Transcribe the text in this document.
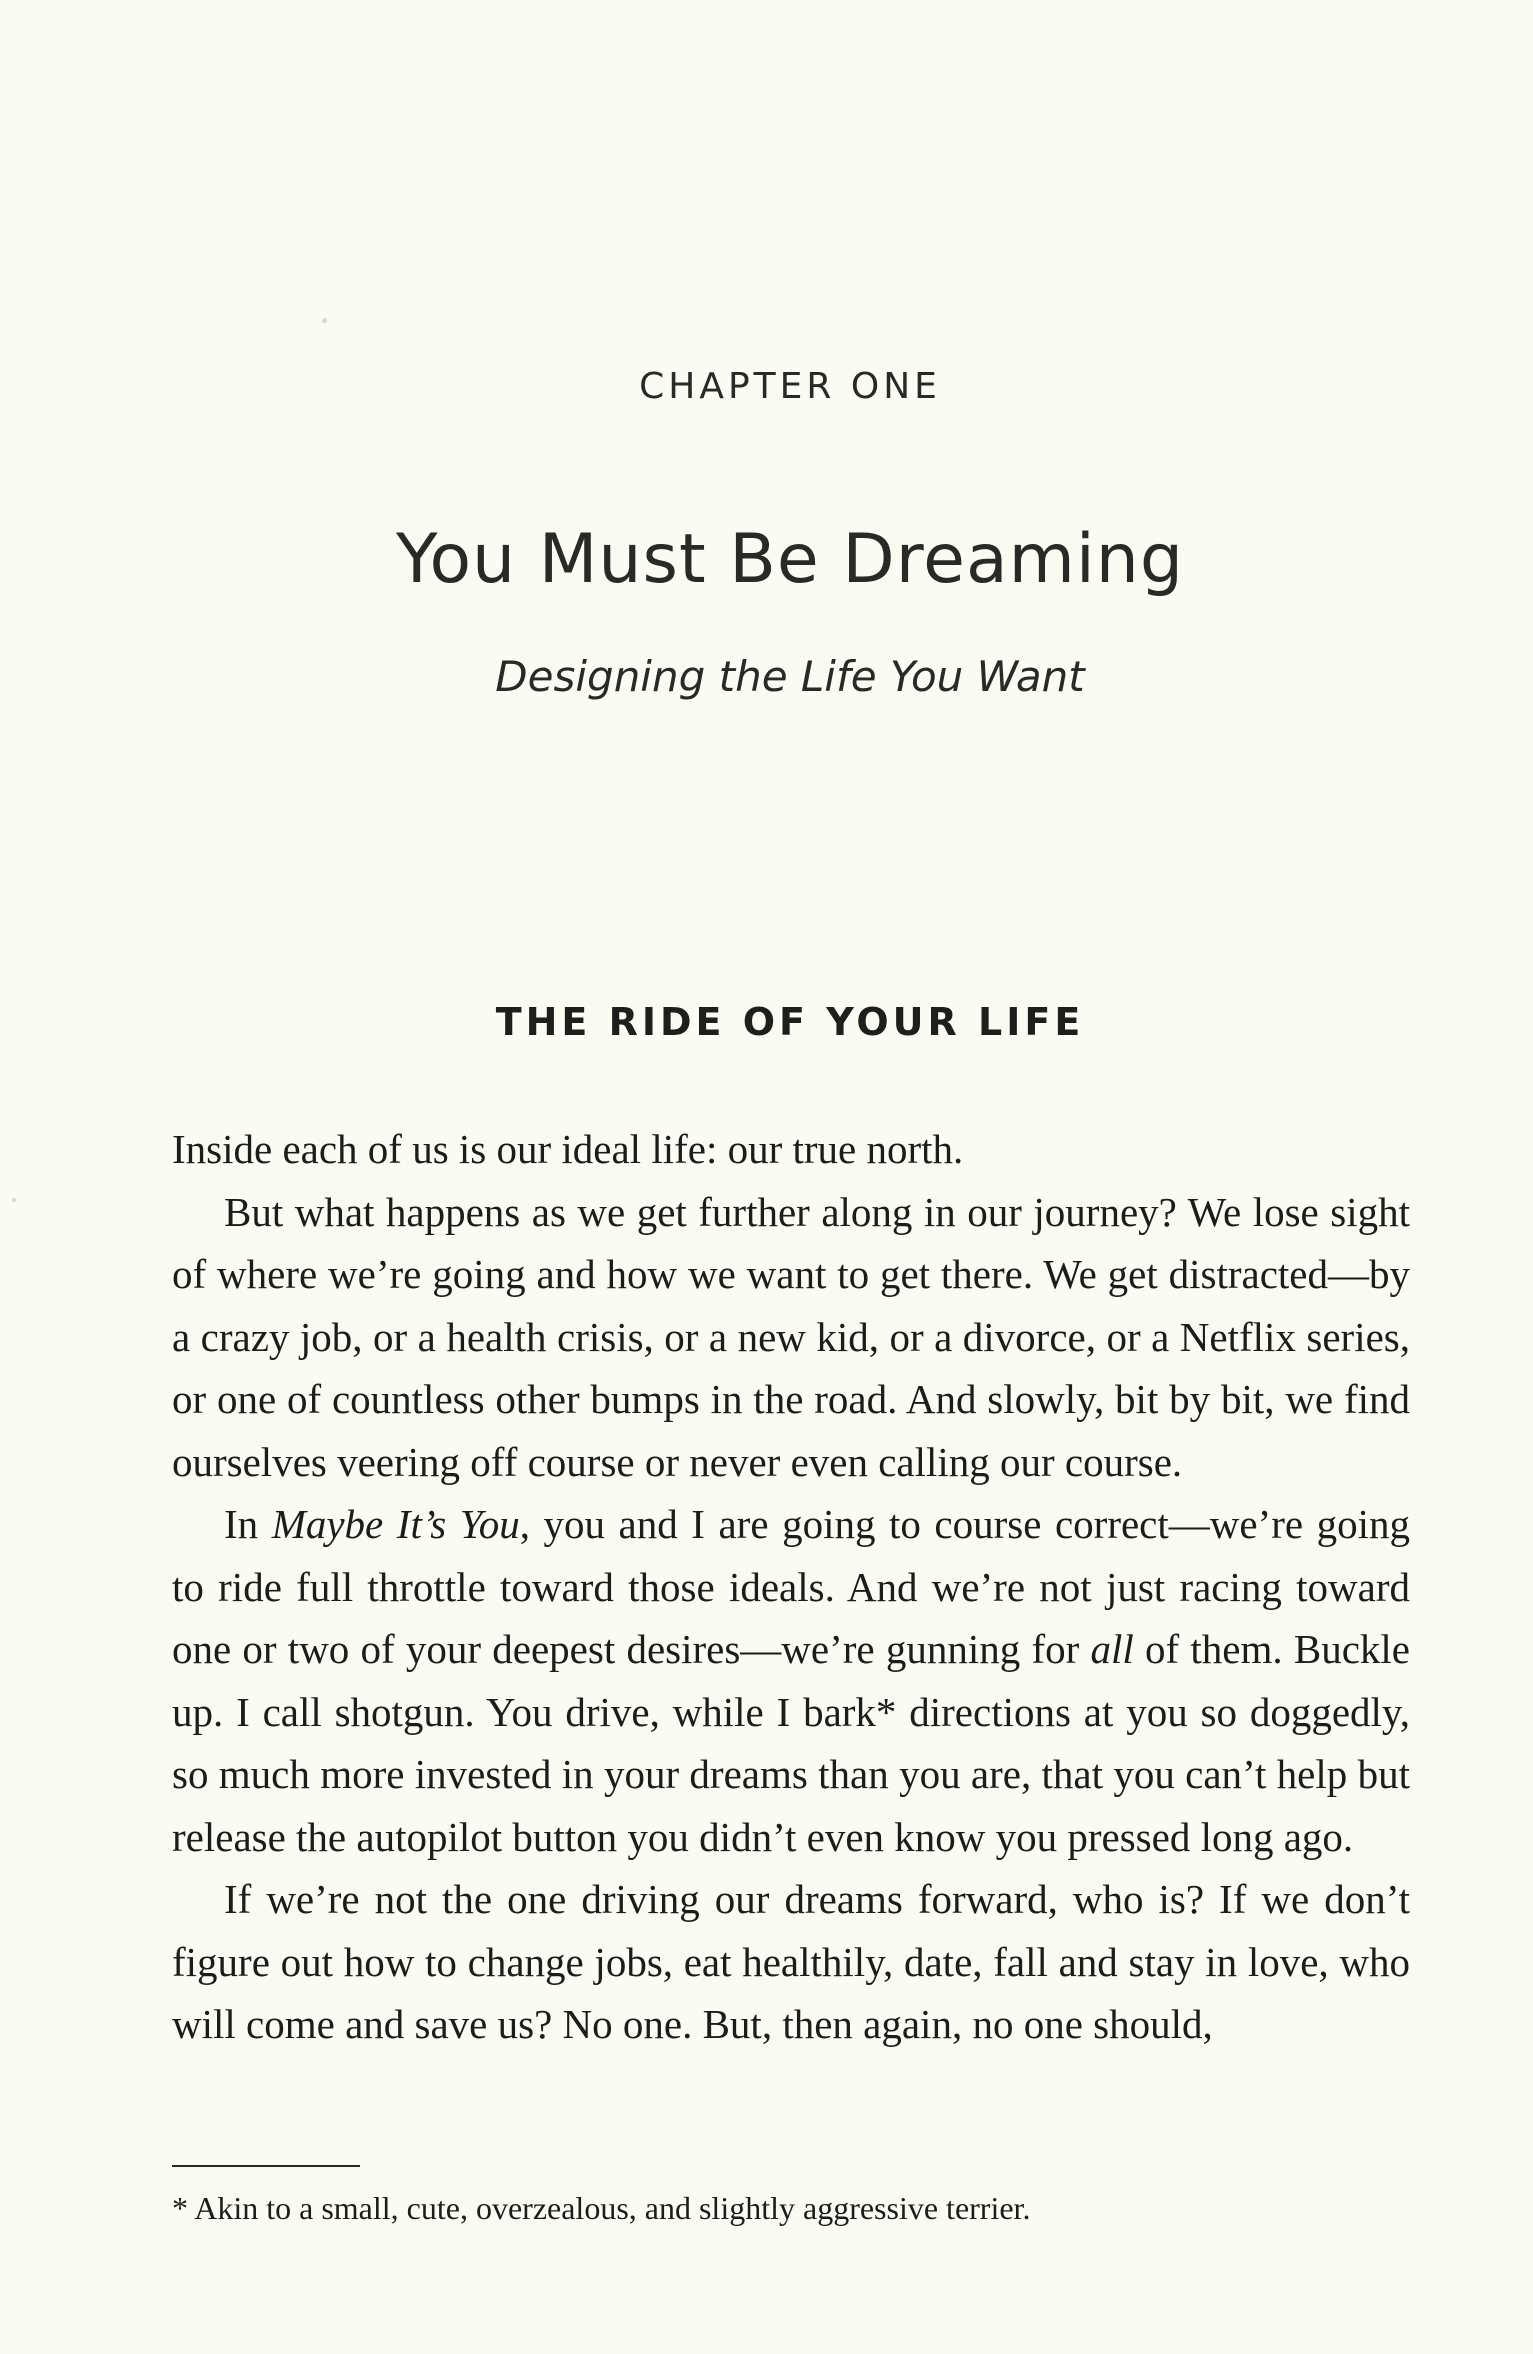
CHAPTER ONE
You Must Be Dreaming
Designing the Life You Want
THE RIDE OF YOUR LIFE

Inside each of us is our ideal life: our true north.

But what happens as we get further along in our journey? We lose sight of where we’re going and how we want to get there. We get distracted—by a crazy job, or a health crisis, or a new kid, or a divorce, or a Netflix series, or one of countless other bumps in the road. And slowly, bit by bit, we find ourselves veering off course or never even calling our course.

In Maybe It’s You, you and I are going to course correct—we’re going to ride full throttle toward those ideals. And we’re not just racing toward one or two of your deepest desires—we’re gunning for all of them. Buckle up. I call shotgun. You drive, while I bark* directions at you so doggedly, so much more invested in your dreams than you are, that you can’t help but release the autopilot button you didn’t even know you pressed long ago.

If we’re not the one driving our dreams forward, who is? If we don’t figure out how to change jobs, eat healthily, date, fall and stay in love, who will come and save us? No one. But, then again, no one should,

* Akin to a small, cute, overzealous, and slightly aggressive terrier.
